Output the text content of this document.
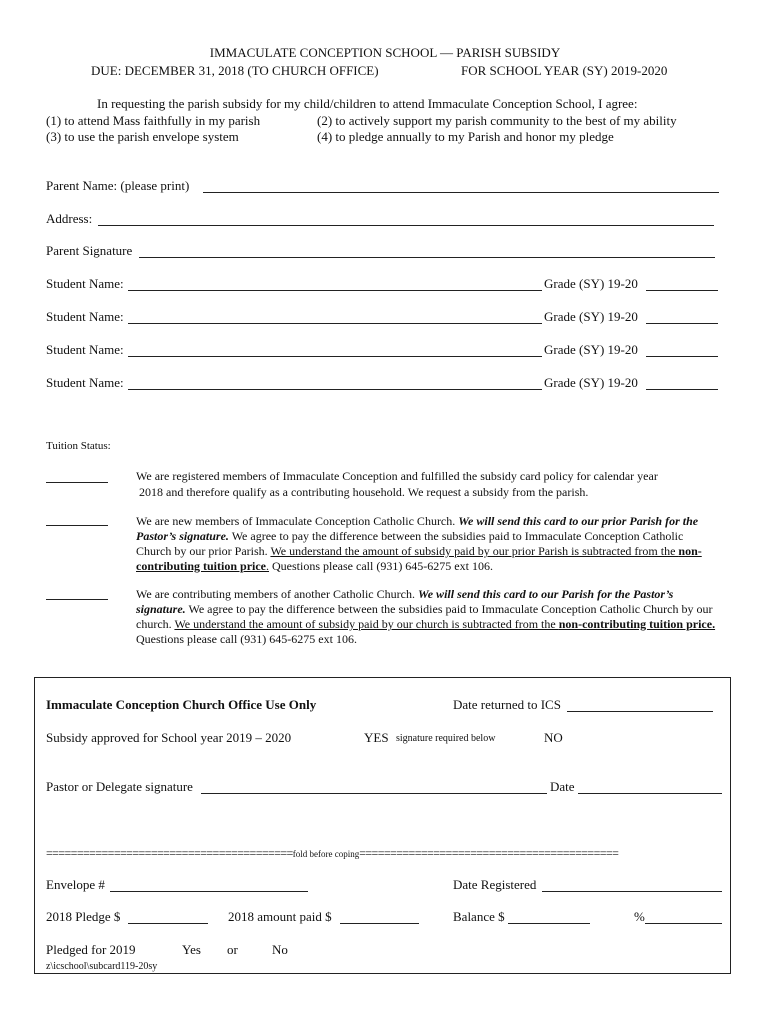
IMMACULATE CONCEPTION SCHOOL — PARISH SUBSIDY
DUE: DECEMBER 31, 2018 (TO CHURCH OFFICE)	FOR SCHOOL YEAR (SY) 2019-2020
In requesting the parish subsidy for my child/children to attend Immaculate Conception School, I agree:
(1) to attend Mass faithfully in my parish	(2) to actively support my parish community to the best of my ability
(3) to use the parish envelope system	(4) to pledge annually to my Parish and honor my pledge
Parent Name: (please print)
Address:
Parent Signature
Student Name:	Grade (SY) 19-20
Student Name:	Grade (SY) 19-20
Student Name:	Grade (SY) 19-20
Student Name:	Grade (SY) 19-20
Tuition Status:
We are registered members of Immaculate Conception and fulfilled the subsidy card policy for calendar year
2018 and therefore qualify as a contributing household. We request a subsidy from the parish.
We are new members of Immaculate Conception Catholic Church. We will send this card to our prior Parish for the Pastor’s signature. We agree to pay the difference between the subsidies paid to Immaculate Conception Catholic Church by our prior Parish. We understand the amount of subsidy paid by our prior Parish is subtracted from the non-contributing tuition price. Questions please call (931) 645-6275 ext 106.
We are contributing members of another Catholic Church. We will send this card to our Parish for the Pastor’s signature. We agree to pay the difference between the subsidies paid to Immaculate Conception Catholic Church by our church. We understand the amount of subsidy paid by our church is subtracted from the non-contributing tuition price. Questions please call (931) 645-6275 ext 106.
Immaculate Conception Church Office Use Only	Date returned to ICS
Subsidy approved for School year 2019 – 2020	YES signature required below	NO
Pastor or Delegate signature	Date
========================================fold before coping==========================================
Envelope #	Date Registered
2018 Pledge $	2018 amount paid $	Balance $	%
Pledged for 2019	Yes or	No
z\icschool\subcard119-20sy
